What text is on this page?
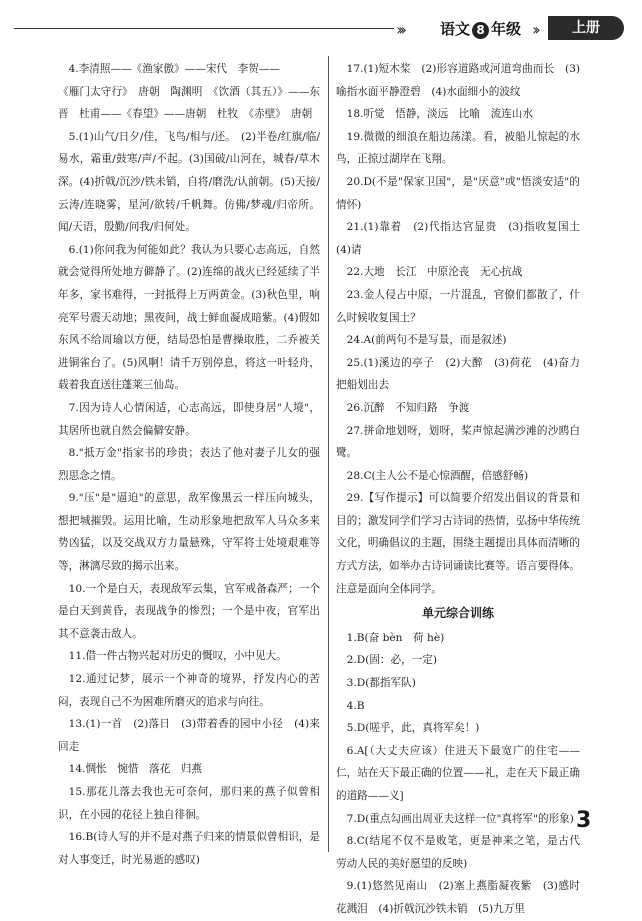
››› 语文 8 年级 ››	上册

4.李清照——《渔家傲》——宋代　李贺——

《雁门太守行》　唐朝　陶渊明　《饮酒（其五）》——东晋　杜甫——《春望》——唐朝　杜牧　《赤壁》　唐朝

5.(1)山气/日夕/佳，飞鸟/相与/还。　(2)半卷/红旗/临/易水，霜重/鼓寒/声/不起。(3)国破/山河在，城春/草木深。(4)折戟/沉沙/铁未销，自将/磨洗/认前朝。(5)天接/云涛/连晓雾，星河/欲转/千帆舞。仿佛/梦魂/归帝所。闻/天语，殷勤/问我/归何处。

6.(1)你问我为何能如此？我认为只要心志高远，自然就会觉得所处地方僻静了。(2)连绵的战火已经延续了半年多，家书难得，一封抵得上万两黄金。(3)秋色里，响亮军号震天动地；黑夜间，战士鲜血凝成暗紫。(4)假如东风不给周瑜以方便，结局恐怕是曹操取胜，二乔被关进铜雀台了。(5)风啊！请千万别停息，将这一叶轻舟，载着我直送往蓬莱三仙岛。

7.因为诗人心情闲适，心志高远，即使身居"人境"，其居所也就自然会偏僻安静。

8."抵万金"指家书的珍贵；表达了他对妻子儿女的强烈思念之情。

9."压"是"逼迫"的意思，敌军像黑云一样压向城头，想把城摧毁。运用比喻，生动形象地把敌军人马众多来势凶猛，以及交战双方力量悬殊，守军将士处境艰难等等，淋漓尽致的揭示出来。

10.一个是白天，表现敌军云集，官军戒备森严；一个是白天到黄昏，表现战争的惨烈；一个是中夜，官军出其不意袭击敌人。

11.借一件古物兴起对历史的慨叹，小中见大。

12.通过记梦，展示一个神奇的境界，抒发内心的苦闷，表现自己不为困难所磨灭的追求与向往。

13.(1)一首　(2)落日　(3)带着香的园中小径　(4)来回走

14.惆怅　惋惜　落花　归燕

15.那花儿落去我也无可奈何，那归来的燕子似曾相识，在小园的花径上独自徘徊。

16.B(诗人写的并不是对燕子归来的情景似曾相识，是对人事变迁，时光易逝的感叹)

17.(1)短木桨　(2)形容道路或河道弯曲而长　(3)喻指水面平静澄碧　(4)水面细小的波纹

18.听觉　悟静，淡远　比喻　流连山水

19.微微的细浪在船边荡漾。看，被船儿惊起的水鸟，正掠过湖岸在飞翔。

20.D(不是"保家卫国"，是"厌意"或"悟淡安适"的情怀)

21.(1)靠着　(2)代指达官显贵　(3)指收复国土　(4)请

22.大地　长江　中原沦丧　无心抗战

23.金人侵占中原，一片混乱，官僚们都散了，什么时候收复国土？

24.A(前两句不是写景，而是叙述)

25.(1)溪边的亭子　(2)大醉　(3)荷花　(4)奋力把船划出去

26.沉醉　不知归路　争渡

27.拼命地划呀，划呀，桨声惊起满沙滩的沙鸥白鹭。

28.C(主人公不是心惊酒醒，倍感舒畅)

29.【写作提示】可以简要介绍发出倡议的背景和目的；激发同学们学习古诗词的热情，弘扬中华传统文化，明确倡议的主题，围绕主题提出具体而清晰的方式方法，如举办古诗词诵读比赛等。语言要得体。注意是面向全体同学。

单元综合训练

1.B(奋 bèn　荷 hè)

2.D(固：必，一定)

3.D(都指军队)

4.B

5.D(嗟乎，此，真将军矣！)

6.A[（大丈夫应该）住进天下最宽广的住宅——仁，站在天下最正确的位置——礼，走在天下最正确的道路——义]

7.D(重点勾画出周亚夫这样一位"真将军"的形象)

8.C(结尾不仅不是败笔，更是神来之笔，是古代劳动人民的美好愿望的反映)

9.(1)悠然见南山　(2)塞上燕脂凝夜紫　(3)感时花溅泪　(4)折戟沉沙铁未销　(5)九万里

3
